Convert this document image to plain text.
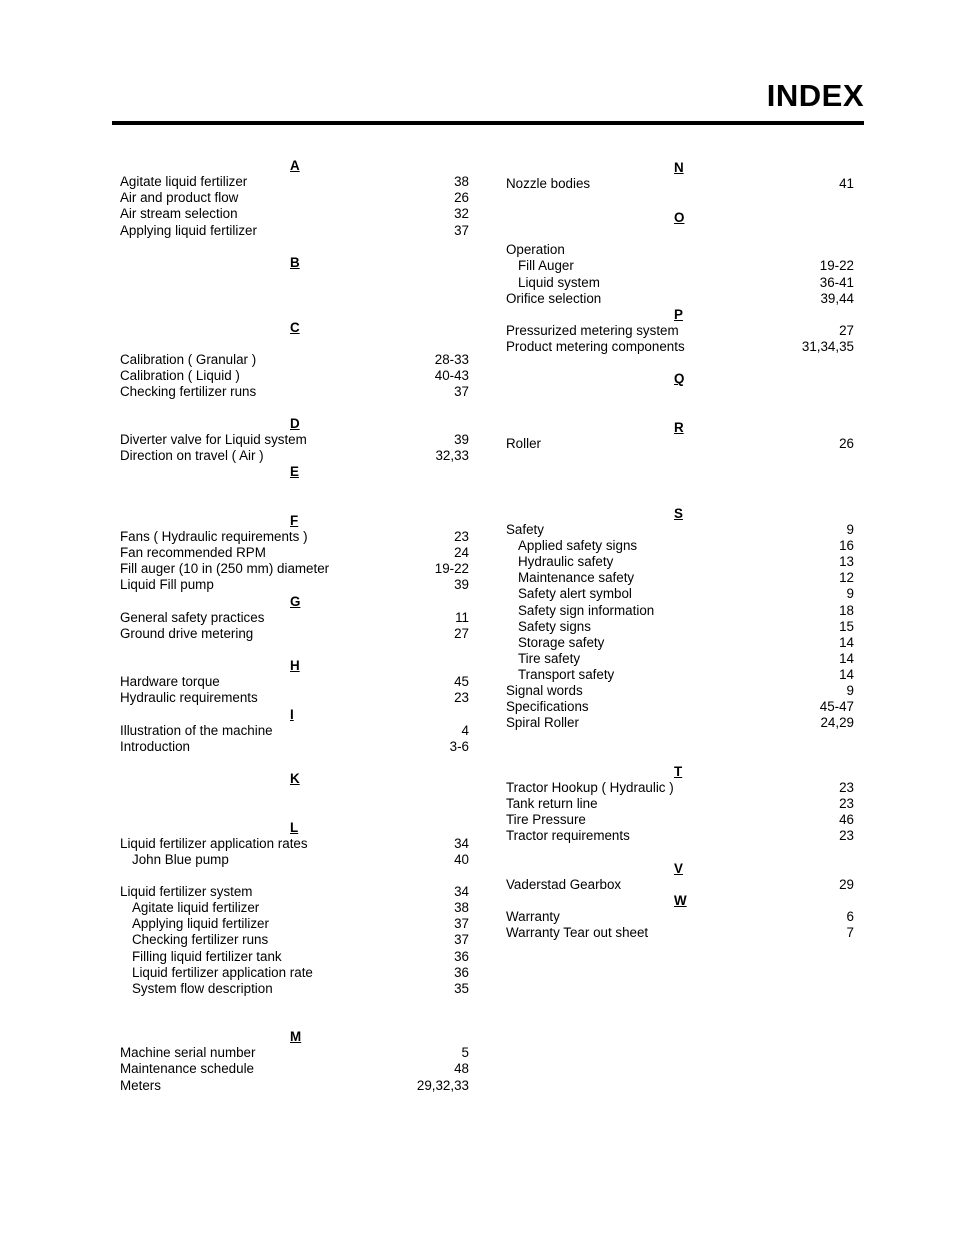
INDEX
A
Agitate liquid fertilizer	38
Air and product flow	26
Air stream selection	32
Applying liquid fertilizer	37
B
C
Calibration ( Granular )	28-33
Calibration ( Liquid )	40-43
Checking fertilizer runs	37
D
Diverter valve for Liquid system	39
Direction on travel ( Air )	32,33
E
F
Fans ( Hydraulic requirements )	23
Fan recommended RPM	24
Fill auger (10 in (250 mm) diameter	19-22
Liquid Fill pump	39
G
General safety practices	11
Ground drive metering	27
H
Hardware torque	45
Hydraulic requirements	23
I
Illustration of the machine	4
Introduction	3-6
K
L
Liquid fertilizer application rates	34
John Blue pump	40
Liquid fertilizer system	34
Agitate liquid fertilizer	38
Applying liquid fertilizer	37
Checking fertilizer runs	37
Filling liquid fertilizer tank	36
Liquid fertilizer application rate	36
System flow description	35
M
Machine serial number	5
Maintenance schedule	48
Meters	29,32,33
N
Nozzle bodies	41
O
Operation
Fill Auger	19-22
Liquid system	36-41
Orifice selection	39,44
P
Pressurized metering system	27
Product metering components	31,34,35
Q
R
Roller	26
S
Safety	9
Applied safety signs	16
Hydraulic safety	13
Maintenance safety	12
Safety alert symbol	9
Safety sign information	18
Safety signs	15
Storage safety	14
Tire safety	14
Transport safety	14
Signal words	9
Specifications	45-47
Spiral Roller	24,29
T
Tractor Hookup ( Hydraulic )	23
Tank return line	23
Tire Pressure	46
Tractor requirements	23
V
Vaderstad Gearbox	29
W
Warranty	6
Warranty Tear out sheet	7
